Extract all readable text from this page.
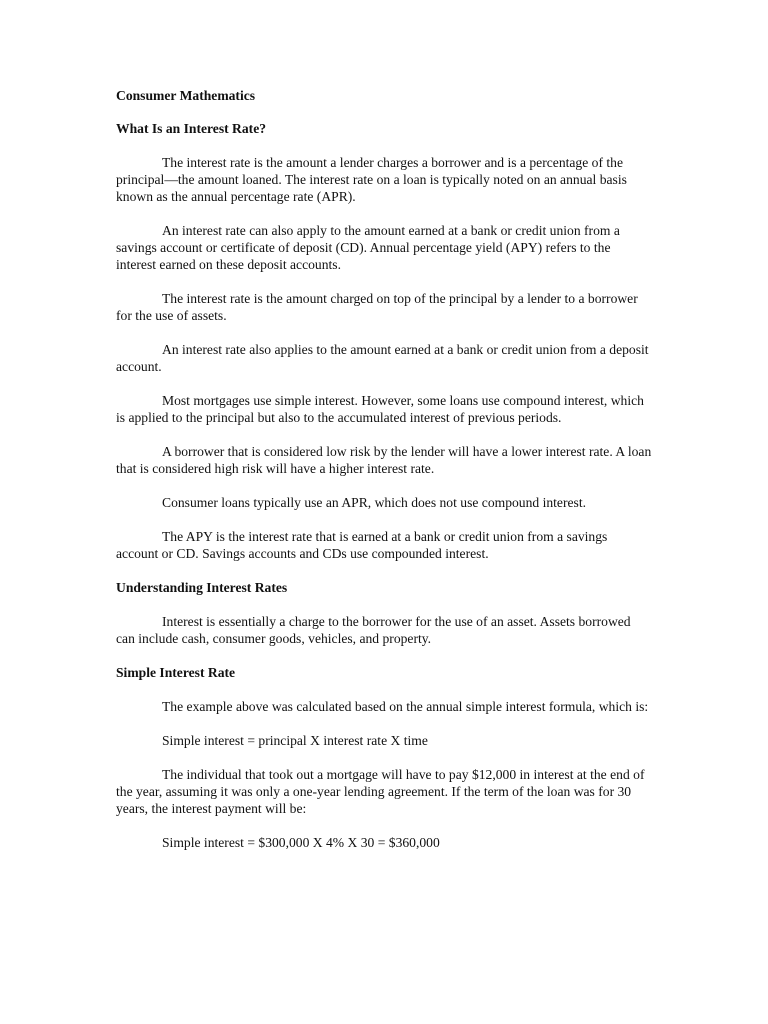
Consumer Mathematics

What Is an Interest Rate?

The interest rate is the amount a lender charges a borrower and is a percentage of the principal—the amount loaned. The interest rate on a loan is typically noted on an annual basis known as the annual percentage rate (APR).

An interest rate can also apply to the amount earned at a bank or credit union from a savings account or certificate of deposit (CD). Annual percentage yield (APY) refers to the interest earned on these deposit accounts.

The interest rate is the amount charged on top of the principal by a lender to a borrower for the use of assets.

An interest rate also applies to the amount earned at a bank or credit union from a deposit account.

Most mortgages use simple interest. However, some loans use compound interest, which is applied to the principal but also to the accumulated interest of previous periods.

A borrower that is considered low risk by the lender will have a lower interest rate. A loan that is considered high risk will have a higher interest rate.

Consumer loans typically use an APR, which does not use compound interest.

The APY is the interest rate that is earned at a bank or credit union from a savings account or CD. Savings accounts and CDs use compounded interest.

Understanding Interest Rates

Interest is essentially a charge to the borrower for the use of an asset. Assets borrowed can include cash, consumer goods, vehicles, and property.

Simple Interest Rate

The example above was calculated based on the annual simple interest formula, which is:

Simple interest = principal X interest rate X time

The individual that took out a mortgage will have to pay $12,000 in interest at the end of the year, assuming it was only a one-year lending agreement. If the term of the loan was for 30 years, the interest payment will be:

Simple interest = $300,000 X 4% X 30 = $360,000
